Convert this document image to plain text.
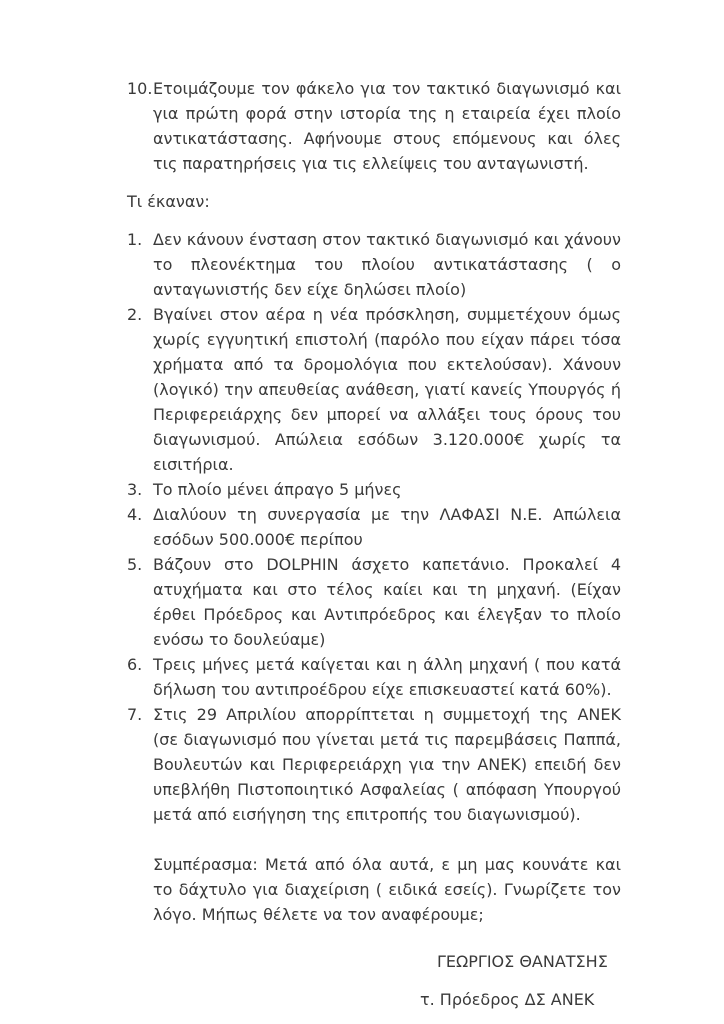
10. Ετοιμάζουμε τον φάκελο για τον τακτικό διαγωνισμό και για πρώτη φορά στην ιστορία της η εταιρεία έχει πλοίο αντικατάστασης. Αφήνουμε στους επόμενους και όλες τις παρατηρήσεις για τις ελλείψεις του ανταγωνιστή.
Τι έκαναν:
1. Δεν κάνουν ένσταση στον τακτικό διαγωνισμό και χάνουν το πλεονέκτημα του πλοίου αντικατάστασης ( ο ανταγωνιστής δεν είχε δηλώσει πλοίο)
2. Βγαίνει στον αέρα η νέα πρόσκληση, συμμετέχουν όμως χωρίς εγγυητική επιστολή (παρόλο που είχαν πάρει τόσα χρήματα από τα δρομολόγια που εκτελούσαν). Χάνουν (λογικό) την απευθείας ανάθεση, γιατί κανείς Υπουργός ή Περιφερειάρχης δεν μπορεί να αλλάξει τους όρους του διαγωνισμού. Απώλεια εσόδων 3.120.000€ χωρίς τα εισιτήρια.
3. Το πλοίο μένει άπραγο 5 μήνες
4. Διαλύουν τη συνεργασία με την ΛΑΦΑΣΙ Ν.Ε. Απώλεια εσόδων 500.000€ περίπου
5. Βάζουν στο DOLPHIN άσχετο καπετάνιο. Προκαλεί 4 ατυχήματα και στο τέλος καίει και τη μηχανή. (Είχαν έρθει Πρόεδρος και Αντιπρόεδρος και έλεγξαν το πλοίο ενόσω το δουλεύαμε)
6. Τρεις μήνες μετά καίγεται και η άλλη μηχανή ( που κατά δήλωση του αντιπροέδρου είχε επισκευαστεί κατά 60%).
7. Στις 29 Απριλίου απορρίπτεται η συμμετοχή της ΑΝΕΚ (σε διαγωνισμό που γίνεται μετά τις παρεμβάσεις Παππά, Βουλευτών και Περιφερειάρχη για την ΑΝΕΚ) επειδή δεν υπεβλήθη Πιστοποιητικό Ασφαλείας ( απόφαση Υπουργού μετά από εισήγηση της επιτροπής του διαγωνισμού).
Συμπέρασμα: Μετά από όλα αυτά, ε μη μας κουνάτε και το δάχτυλο για διαχείριση ( ειδικά εσείς). Γνωρίζετε τον λόγο. Μήπως θέλετε να τον αναφέρουμε;
ΓΕΩΡΓΙΟΣ ΘΑΝΑΤΣΗΣ
τ. Πρόεδρος ΔΣ ΑΝΕΚ
